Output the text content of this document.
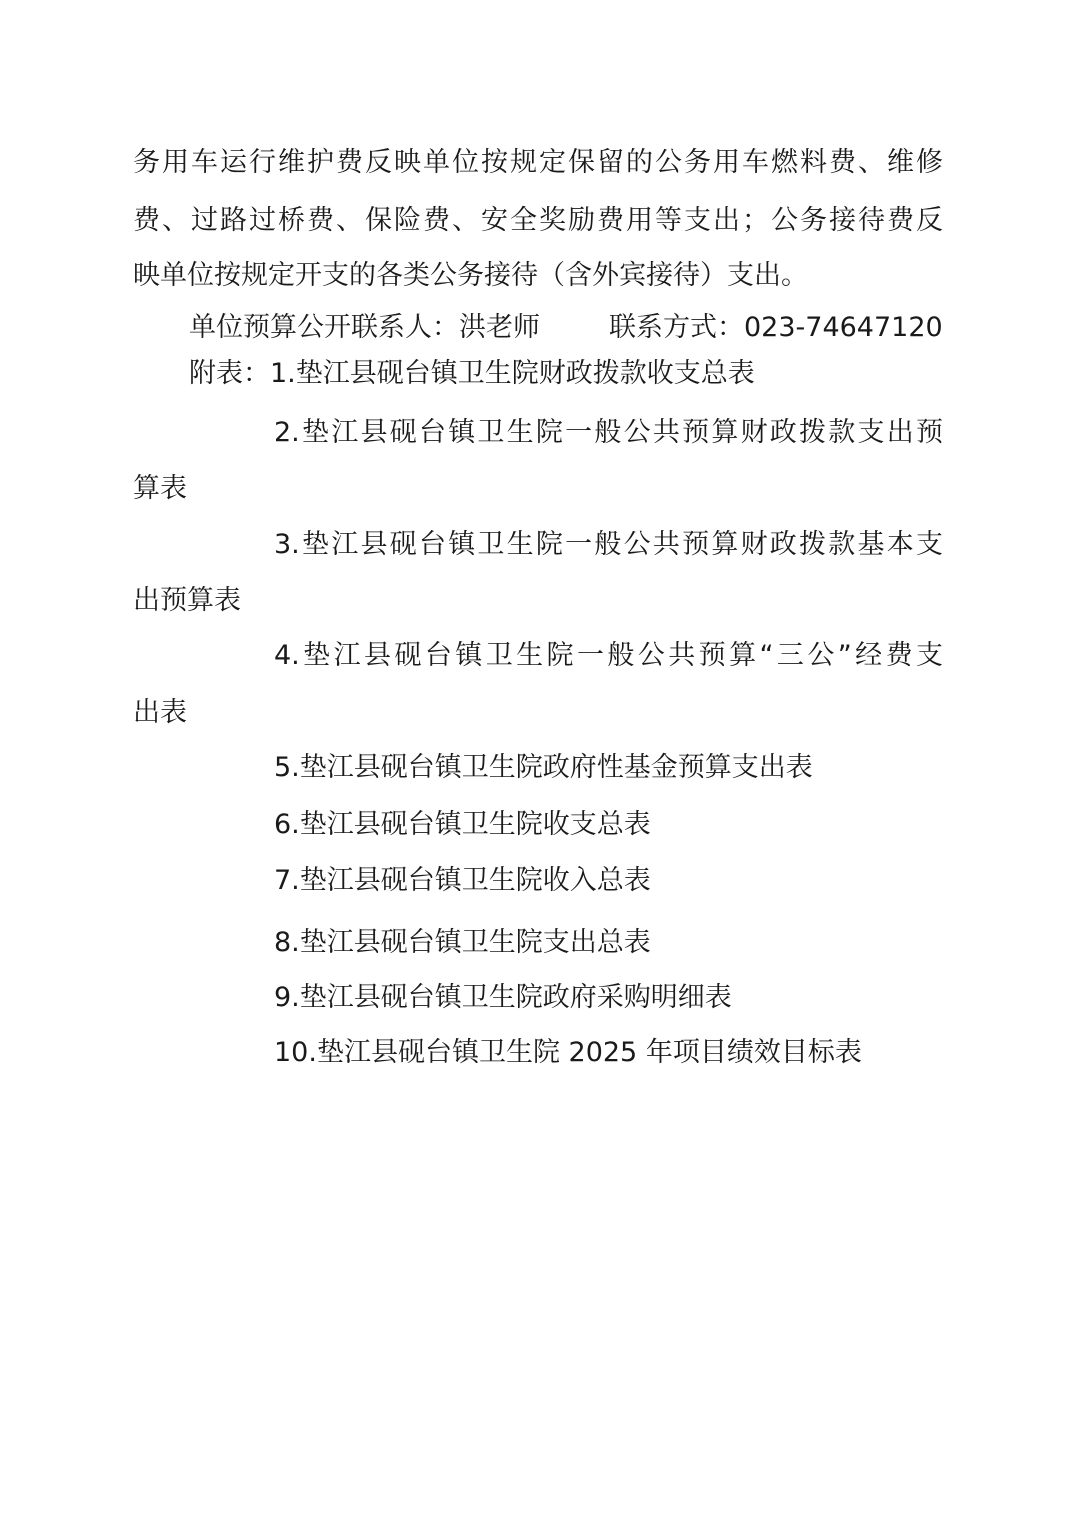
务用车运行维护费反映单位按规定保留的公务用车燃料费、维修
费、过路过桥费、保险费、安全奖励费用等支出；公务接待费反
映单位按规定开支的各类公务接待（含外宾接待）支出。
单位预算公开联系人：洪老师	联系方式：023-74647120
附表：1.垫江县砚台镇卫生院财政拨款收支总表
2.垫江县砚台镇卫生院一般公共预算财政拨款支出预
算表
3.垫江县砚台镇卫生院一般公共预算财政拨款基本支
出预算表
4.垫江县砚台镇卫生院一般公共预算“三公”经费支
出表
5.垫江县砚台镇卫生院政府性基金预算支出表
6.垫江县砚台镇卫生院收支总表
7.垫江县砚台镇卫生院收入总表
8.垫江县砚台镇卫生院支出总表
9.垫江县砚台镇卫生院政府采购明细表
10.垫江县砚台镇卫生院 2025 年项目绩效目标表
